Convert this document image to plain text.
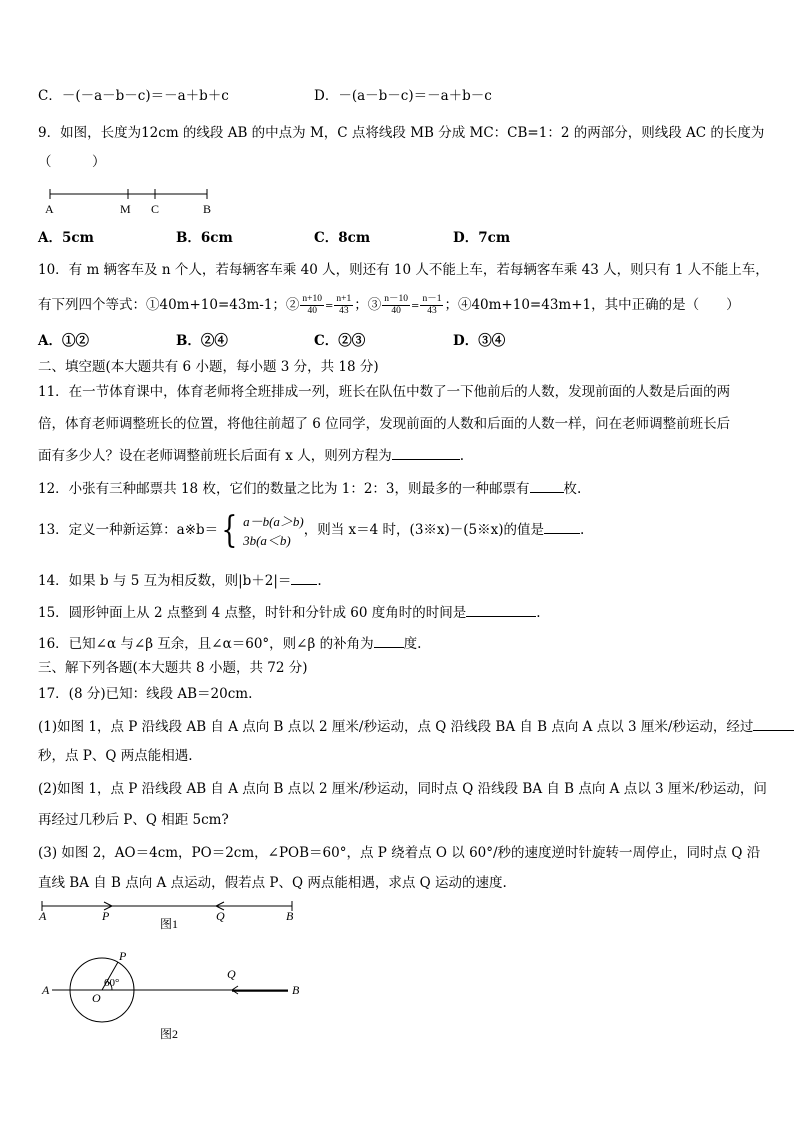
C．－(－a－b－c)＝－a＋b＋c	D．－(a－b－c)＝－a＋b－c
9．如图，长度为12cm 的线段 AB 的中点为 M，C 点将线段 MB 分成 MC：CB=1：2 的两部分，则线段 AC 的长度为
（　　　）
A	M C	B
A．5cm	B．6cm	C．8cm	D．7cm
10．有 m 辆客车及 n 个人，若每辆客车乘 40 人，则还有 10 人不能上车，若每辆客车乘 43 人，则只有 1 人不能上车，
有下列四个等式：①40m+10=43m-1；② $\frac{n+10}{40} = \frac{n+1}{43}$ ；③ $\frac{n-10}{40} = \frac{n-1}{43}$ ；④40m+10=43m+1，其中正确的是（　　）
A．①②	B．②④	C．②③	D．③④
二、填空题(本大题共有 6 小题，每小题 3 分，共 18 分)
11．在一节体育课中，体育老师将全班排成一列，班长在队伍中数了一下他前后的人数，发现前面的人数是后面的两
倍，体育老师调整班长的位置，将他往前超了 6 位同学，发现前面的人数和后面的人数一样，问在老师调整前班长后
面有多少人？设在老师调整前班长后面有 x 人，则列方程为	.
12．小张有三种邮票共 18 枚，它们的数量之比为 1：2：3，则最多的一种邮票有	枚.
13．定义一种新运算：a※b＝ { a－b(a＞b)
3b(a＜b)
，则当 x＝4 时，(3※x)－(5※x)的值是	.
14．如果 b 与 5 互为相反数，则|b＋2|＝ .
15．圆形钟面上从 2 点整到 4 点整，时针和分针成 60 度角时的时间是	.
16．已知∠α 与∠β 互余，且∠α＝60°，则∠β 的补角为 度.
三、解下列各题(本大题共 8 小题，共 72 分)
17．(8 分)已知：线段 AB＝20cm.
(1)如图 1，点 P 沿线段 AB 自 A 点向 B 点以 2 厘米/秒运动，点 Q 沿线段 BA 自 B 点向 A 点以 3 厘米/秒运动，经过
秒，点 P、Q 两点能相遇.
(2)如图 1，点 P 沿线段 AB 自 A 点向 B 点以 2 厘米/秒运动，同时点 Q 沿线段 BA 自 B 点向 A 点以 3 厘米/秒运动，问
再经过几秒后 P、Q 相距 5cm?
(3) 如图 2，AO＝4cm，PO＝2cm，∠POB＝60°，点 P 绕着点 O 以 60°/秒的速度逆时针旋转一周停止，同时点 Q 沿
直线 BA 自 B 点向 A 点运动，假若点 P、Q 两点能相遇，求点 Q 运动的速度.
A	P	Q	B
图1
A
O
P
60°
Q
B
图2
